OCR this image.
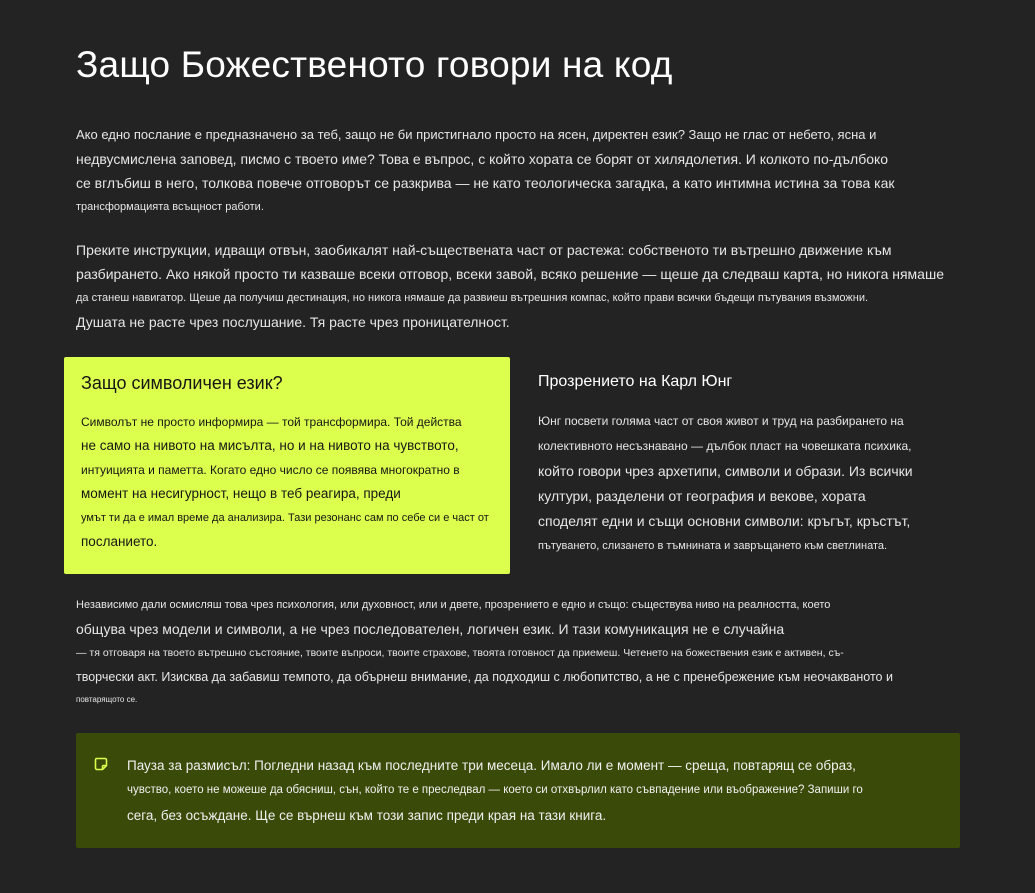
Защо Божественото говори на код
Ако едно послание е предназначено за теб, защо не би пристигнало просто на ясен, директен език? Защо не глас от небето, ясна и
недвусмислена заповед, писмо с твоето име? Това е въпрос, с който хората се борят от хилядолетия. И колкото по-дълбоко
се вглъбиш в него, толкова повече отговорът се разкрива — не като теологическа загадка, а като интимна истина за това как
трансформацията всъщност работи.
Преките инструкции, идващи отвън, заобикалят най-съществената част от растежа: собственото ти вътрешно движение към
разбирането. Ако някой просто ти казваше всеки отговор, всеки завой, всяко решение — щеше да следваш карта, но никога нямаше
да станеш навигатор. Щеше да получиш дестинация, но никога нямаше да развиеш вътрешния компас, който прави всички бъдещи пътувания възможни.
Душата не расте чрез послушание. Тя расте чрез проницателност.
Защо символичен език?
Символът не просто информира — той трансформира. Той действа
не само на нивото на мисълта, но и на нивото на чувството,
интуицията и паметта. Когато едно число се появява многократно в
момент на несигурност, нещо в теб реагира, преди
умът ти да е имал време да анализира. Тази резонанс сам по себе си е част от
посланието.
Прозрението на Карл Юнг
Юнг посвети голяма част от своя живот и труд на разбирането на
колективното несъзнавано — дълбок пласт на човешката психика,
който говори чрез архетипи, символи и образи. Из всички
култури, разделени от география и векове, хората
споделят едни и същи основни символи: кръгът, кръстът,
пътуването, слизането в тъмнината и завръщането към светлината.
Независимо дали осмисляш това чрез психология, или духовност, или и двете, прозрението е едно и също: съществува ниво на реалността, което
общува чрез модели и символи, а не чрез последователен, логичен език. И тази комуникация не е случайна
— тя отговаря на твоето вътрешно състояние, твоите въпроси, твоите страхове, твоята готовност да приемеш. Четенето на божествения език е активен, съ-
творчески акт. Изисква да забавиш темпото, да обърнеш внимание, да подходиш с любопитство, а не с пренебрежение към неочакваното и
повтарящото се.
Пауза за размисъл: Погледни назад към последните три месеца. Имало ли е момент — среща, повтарящ се образ,
чувство, което не можеше да обясниш, сън, който те е преследвал — което си отхвърлил като съвпадение или въображение? Запиши го
сега, без осъждане. Ще се върнеш към този запис преди края на тази книга.
